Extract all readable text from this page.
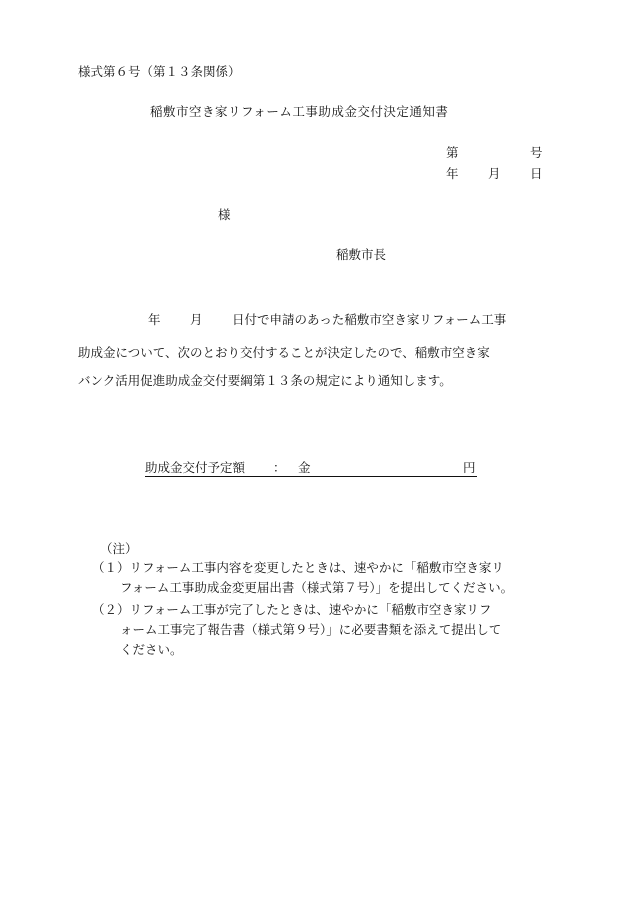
様式第６号（第１３条関係）
稲敷市空き家リフォーム工事助成金交付決定通知書
第	号
年 月 日
様
稲敷市長
年 月 日付で申請のあった稲敷市空き家リフォーム工事
助成金について、次のとおり交付することが決定したので、稲敷市空き家
バンク活用促進助成金交付要綱第１３条の規定により通知します。
助成金交付予定額 ： 金	円
（注）
（１）リフォーム工事内容を変更したときは、速やかに「稲敷市空き家リ
フォーム工事助成金変更届出書（様式第７号）」を提出してください。
（２）リフォーム工事が完了したときは、速やかに「稲敷市空き家リフ
ォーム工事完了報告書（様式第９号）」に必要書類を添えて提出して
ください。
